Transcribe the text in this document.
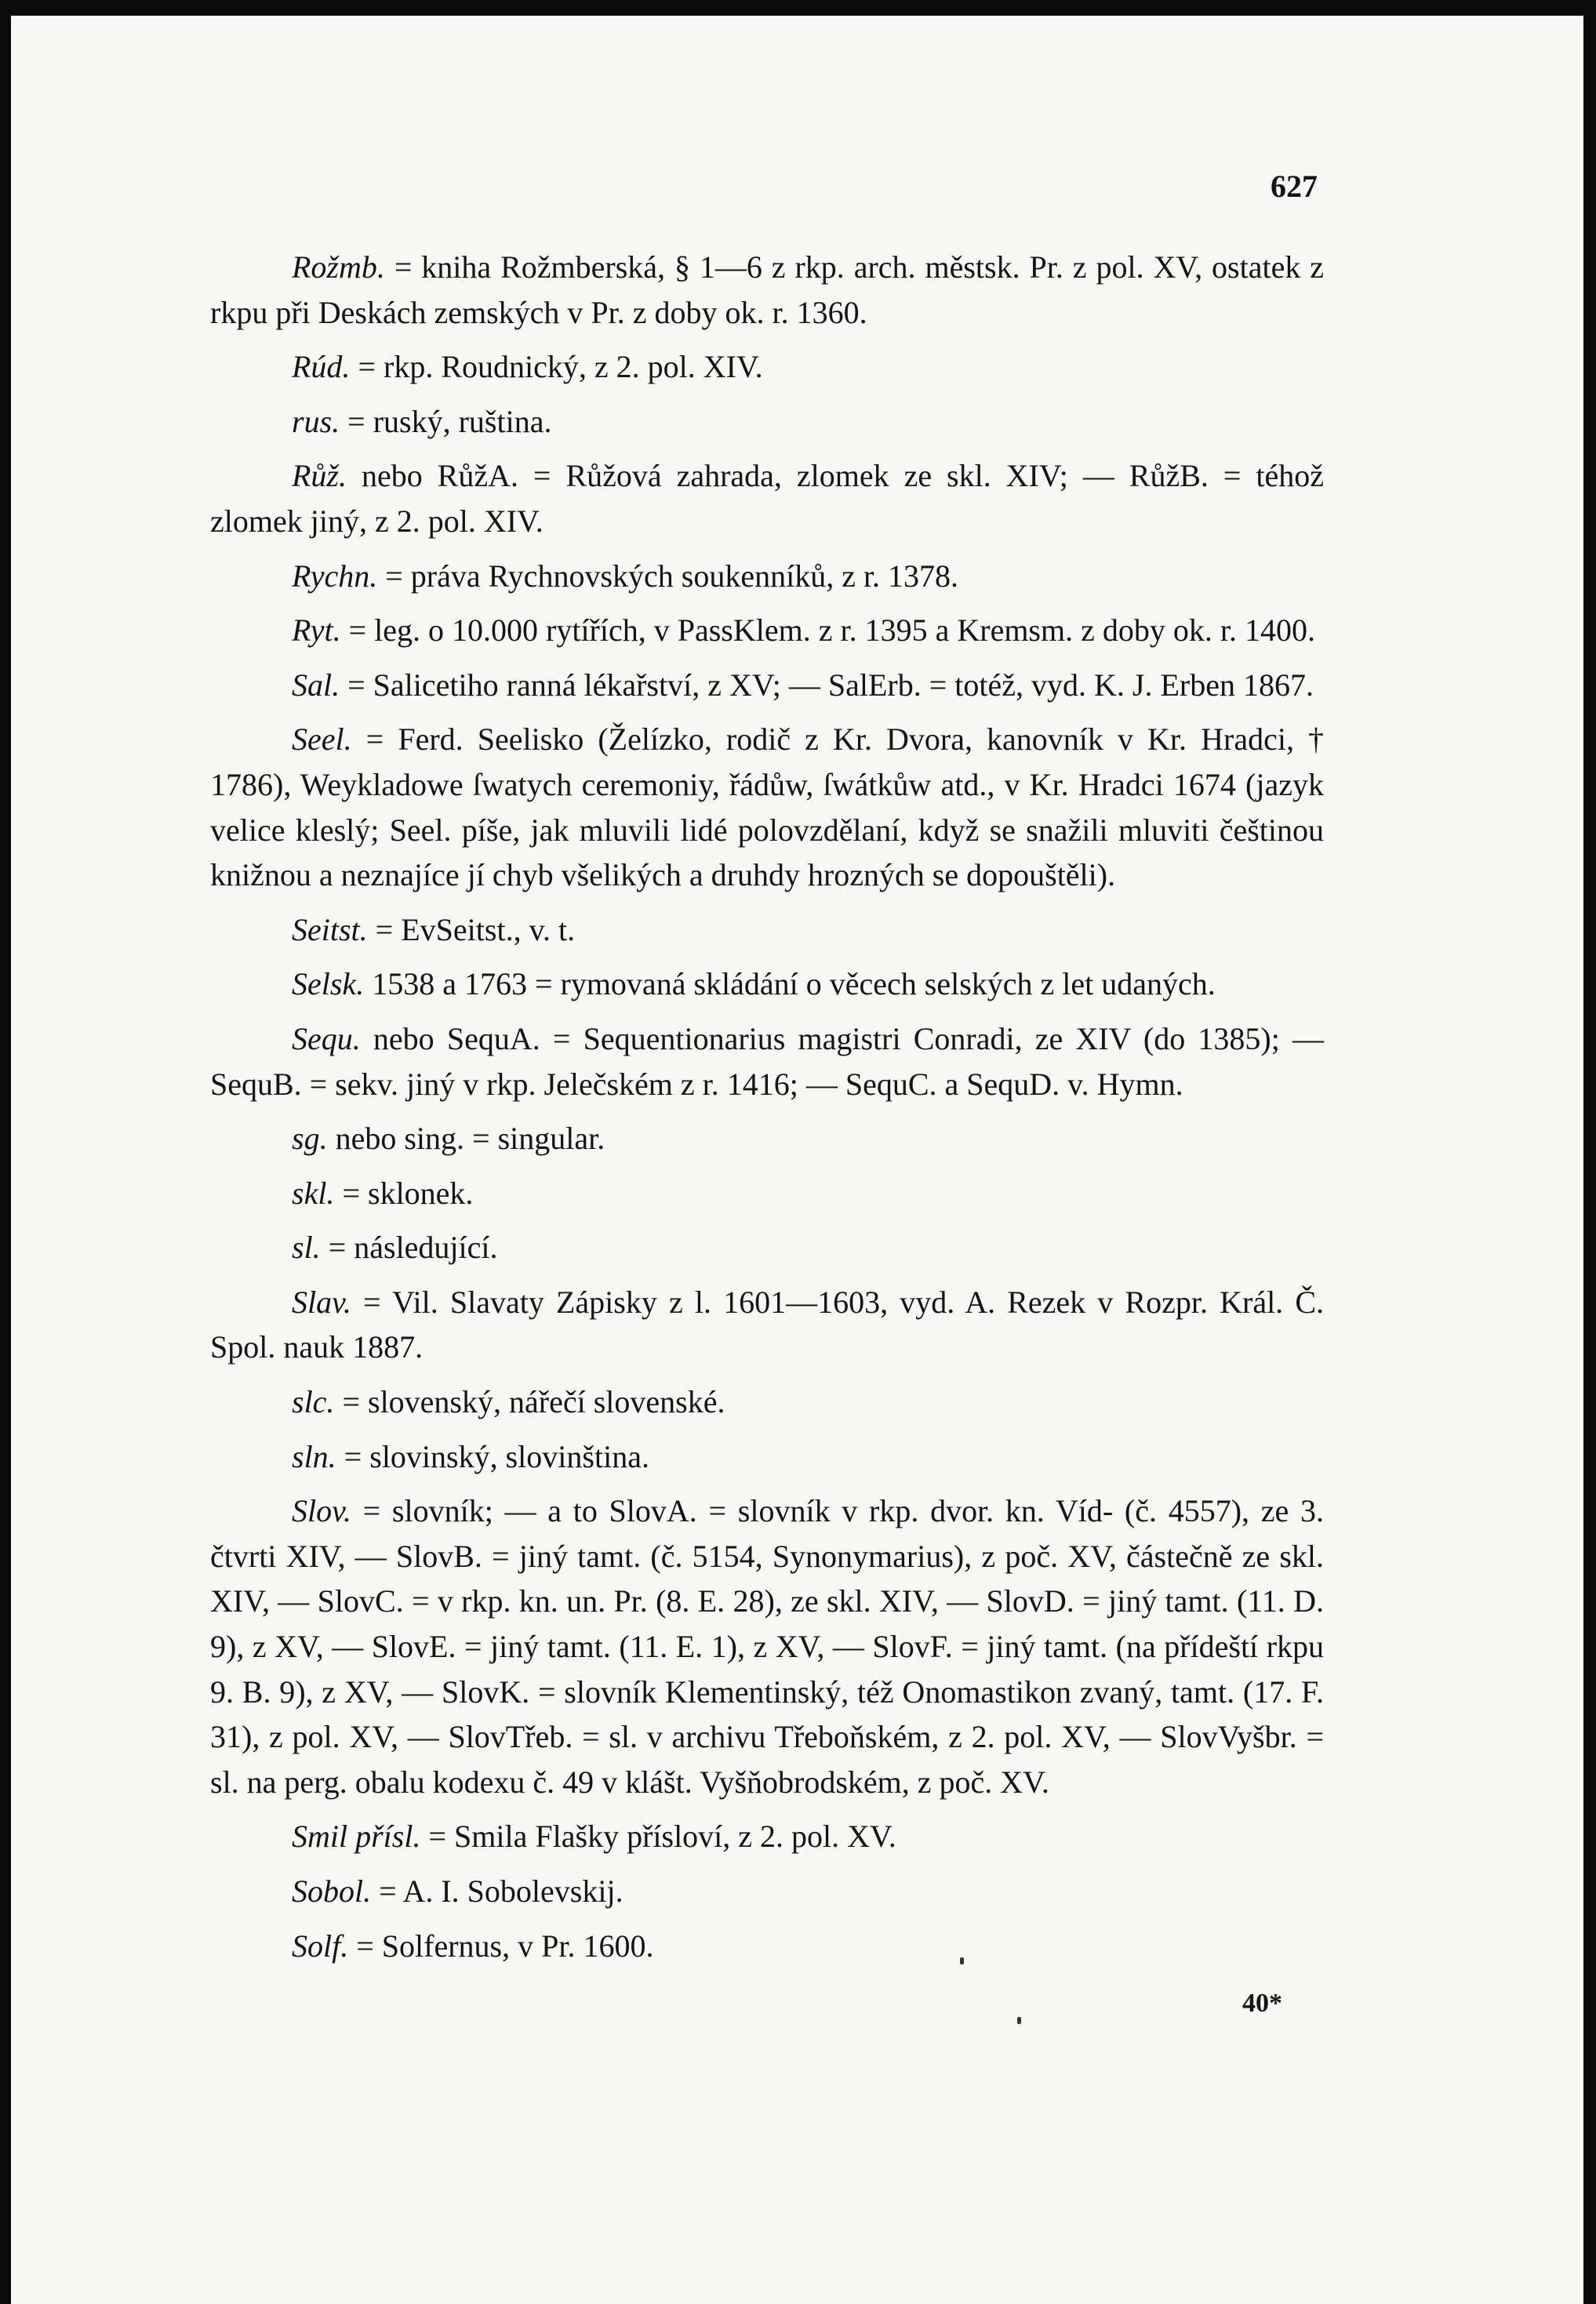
627
Rožmb. = kniha Rožmberská, § 1—6 z rkp. arch. městsk. Pr. z pol. XV, ostatek z rkpu při Deskách zemských v Pr. z doby ok. r. 1360.
Rúd. = rkp. Roudnický, z 2. pol. XIV.
rus. = ruský, ruština.
Růž. nebo RůžA. = Růžová zahrada, zlomek ze skl. XIV; — RůžB. = téhož zlomek jiný, z 2. pol. XIV.
Rychn. = práva Rychnovských soukenníků, z r. 1378.
Ryt. = leg. o 10.000 rytířích, v PassKlem. z r. 1395 a Kremsm. z doby ok. r. 1400.
Sal. = Salicetiho ranná lékařství, z XV; — SalErb. = totéž, vyd. K. J. Erben 1867.
Seel. = Ferd. Seelisko (Želízko, rodič z Kr. Dvora, kanovník v Kr. Hradci, † 1786), Weykladowe ſwatych ceremoniy, řádůw, ſwátkůw atd., v Kr. Hradci 1674 (jazyk velice kleslý; Seel. píše, jak mluvili lidé polovzdělaní, když se snažili mluviti češtinou knižnou a neznajíce jí chyb všelikých a druhdy hrozných se dopouštěli).
Seitst. = EvSeitst., v. t.
Selsk. 1538 a 1763 = rymovaná skládání o věcech selských z let udaných.
Sequ. nebo SequA. = Sequentionarius magistri Conradi, ze XIV (do 1385); — SequB. = sekv. jiný v rkp. Jelečském z r. 1416; — SequC. a SequD. v. Hymn.
sg. nebo sing. = singular.
skl. = sklonek.
sl. = následující.
Slav. = Vil. Slavaty Zápisky z l. 1601—1603, vyd. A. Rezek v Rozpr. Král. Č. Spol. nauk 1887.
slc. = slovenský, nářečí slovenské.
sln. = slovinský, slovinština.
Slov. = slovník; — a to SlovA. = slovník v rkp. dvor. kn. Víd- (č. 4557), ze 3. čtvrti XIV, — SlovB. = jiný tamt. (č. 5154, Synonymarius), z poč. XV, částečně ze skl. XIV, — SlovC. = v rkp. kn. un. Pr. (8. E. 28), ze skl. XIV, — SlovD. = jiný tamt. (11. D. 9), z XV, — SlovE. = jiný tamt. (11. E. 1), z XV, — SlovF. = jiný tamt. (na přídeští rkpu 9. B. 9), z XV, — SlovK. = slovník Klementinský, též Onomastikon zvaný, tamt. (17. F. 31), z pol. XV, — SlovTřeb. = sl. v archivu Třeboňském, z 2. pol. XV, — SlovVyšbr. = sl. na perg. obalu kodexu č. 49 v klášt. Vyšňobrodském, z poč. XV.
Smil přísl. = Smila Flašky přísloví, z 2. pol. XV.
Sobol. = A. I. Sobolevskij.
Solf. = Solfernus, v Pr. 1600.
40*
